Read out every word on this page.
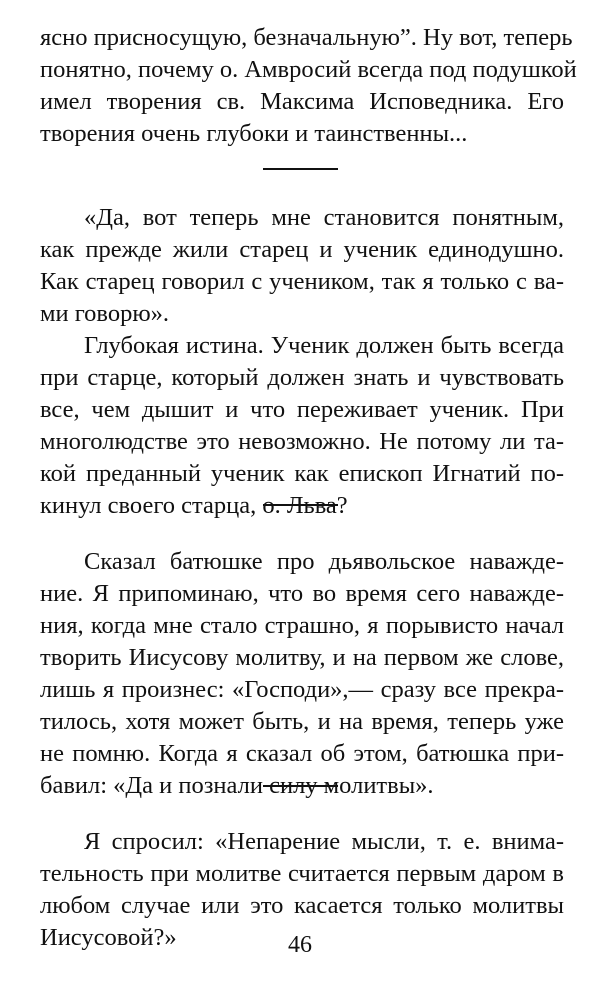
ясно присносущую, безначальную”. Ну вот, теперь
понятно, почему о. Амвросий всегда под подушкой
имел творения св. Максима Исповедника. Его
творения очень глубоки и таинственны...
«Да, вот теперь мне становится понятным,
как прежде жили старец и ученик единодушно.
Как старец говорил с учеником, так я только с ва-
ми говорю».
Глубокая истина. Ученик должен быть всегда
при старце, который должен знать и чувствовать
все, чем дышит и что переживает ученик. При
многолюдстве это невозможно. Не потому ли та-
кой преданный ученик как епископ Игнатий по-
кинул своего старца, о. Льва?
Сказал батюшке про дьявольское наважде-
ние. Я припоминаю, что во время сего наважде-
ния, когда мне стало страшно, я порывисто начал
творить Иисусову молитву, и на первом же слове,
лишь я произнес: «Господи»,— сразу все прекра-
тилось, хотя может быть, и на время, теперь уже
не помню. Когда я сказал об этом, батюшка при-
бавил: «Да и познали силу молитвы».
Я спросил: «Непарение мысли, т. е. внима-
тельность при молитве считается первым даром в
любом случае или это касается только молитвы
Иисусовой?»	46
